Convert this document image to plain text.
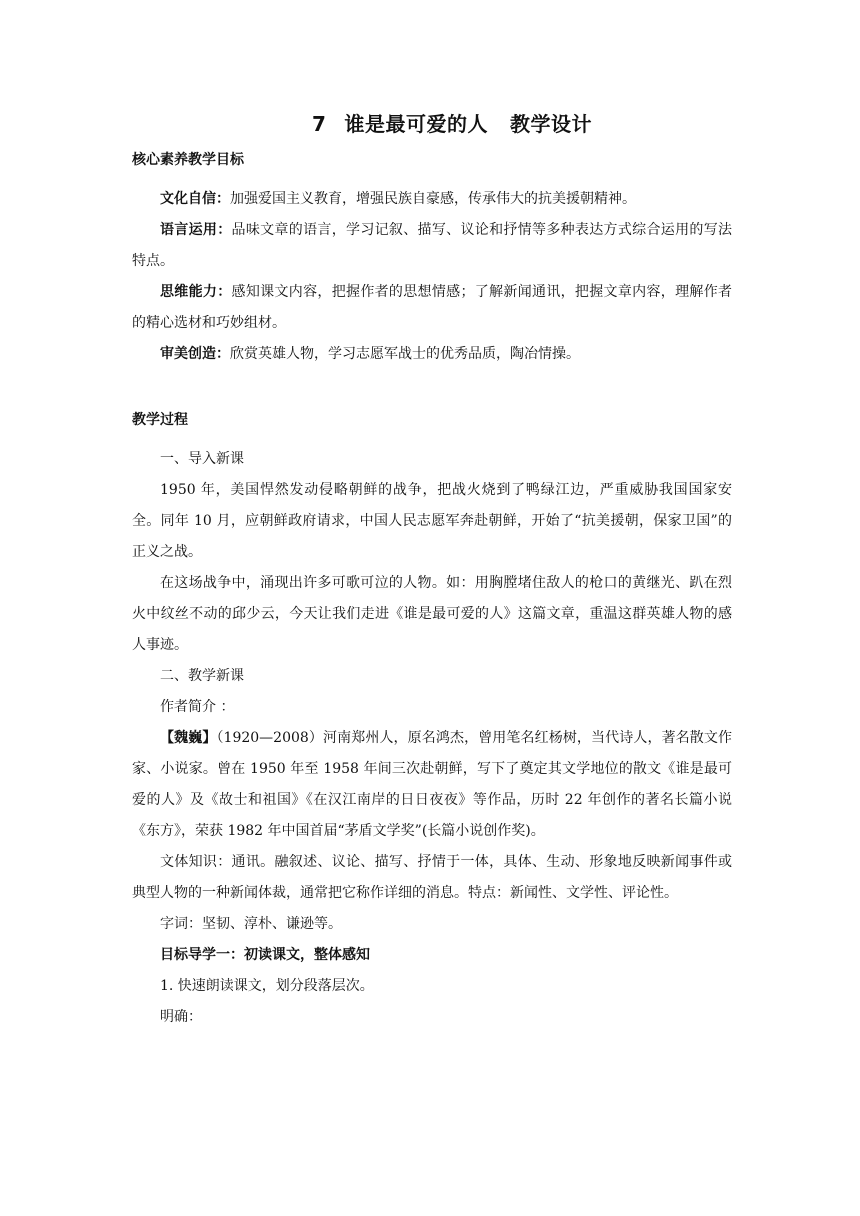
7 谁是最可爱的人 教学设计
核心素养教学目标

文化自信：加强爱国主义教育，增强民族自豪感，传承伟大的抗美援朝精神。

语言运用：品味文章的语言，学习记叙、描写、议论和抒情等多种表达方式综合运用的写法特点。

思维能力：感知课文内容，把握作者的思想情感；了解新闻通讯，把握文章内容，理解作者的精心选材和巧妙组材。

审美创造：欣赏英雄人物，学习志愿军战士的优秀品质，陶冶情操。

教学过程

一、导入新课

1950 年，美国悍然发动侵略朝鲜的战争，把战火烧到了鸭绿江边，严重威胁我国国家安全。同年 10 月，应朝鲜政府请求，中国人民志愿军奔赴朝鲜，开始了“抗美援朝，保家卫国”的正义之战。

在这场战争中，涌现出许多可歌可泣的人物。如：用胸膛堵住敌人的枪口的黄继光、趴在烈火中纹丝不动的邱少云，今天让我们走进《谁是最可爱的人》这篇文章，重温这群英雄人物的感人事迹。

二、教学新课

作者简介 ：

【魏巍】（1920—2008）河南郑州人，原名鸿杰，曾用笔名红杨树，当代诗人，著名散文作家、小说家。曾在 1950 年至 1958 年间三次赴朝鲜，写下了奠定其文学地位的散文《谁是最可爱的人》及《故士和祖国》《在汉江南岸的日日夜夜》等作品，历时 22 年创作的著名长篇小说《东方》，荣获 1982 年中国首届“茅盾文学奖”(长篇小说创作奖)。

文体知识：通讯。融叙述、议论、描写、抒情于一体，具体、生动、形象地反映新闻事件或典型人物的一种新闻体裁，通常把它称作详细的消息。特点：新闻性、文学性、评论性。

字词：坚韧、淳朴、谦逊等。

目标导学一：初读课文，整体感知

1. 快速朗读课文，划分段落层次。

明确：
